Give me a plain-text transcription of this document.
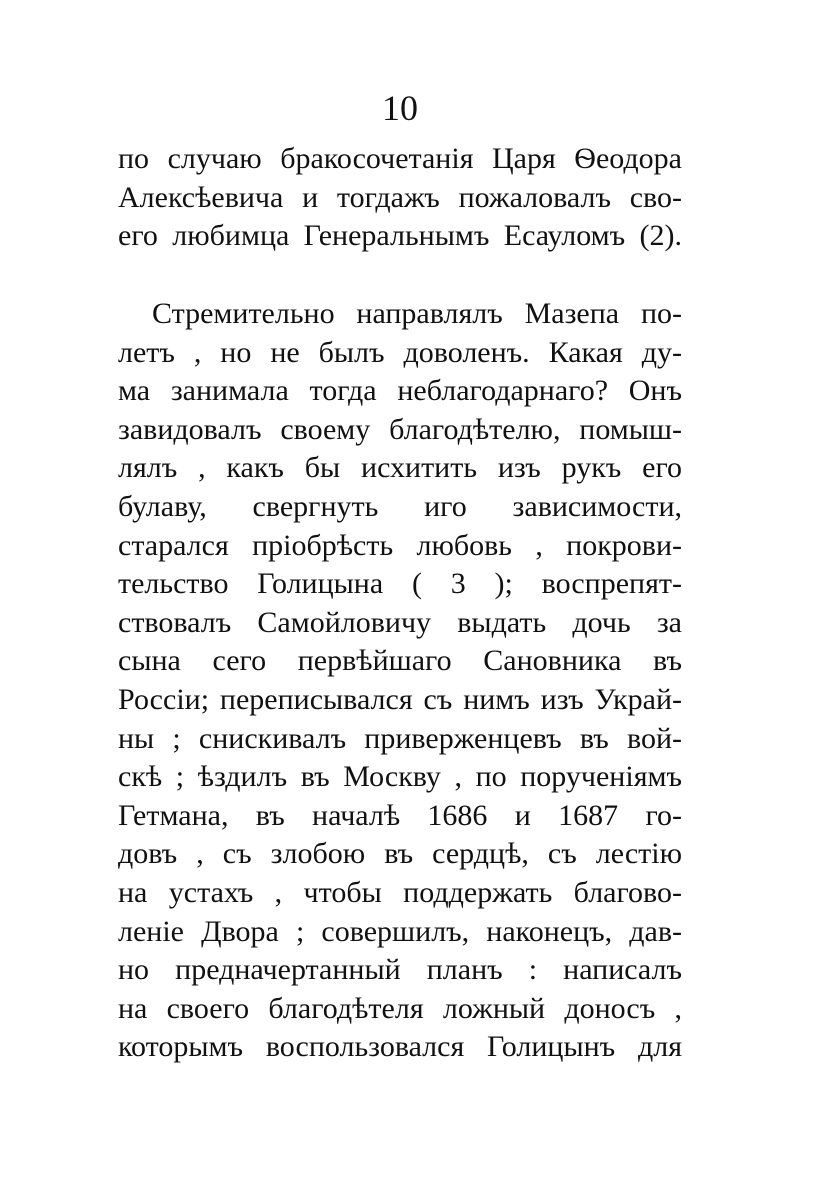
10
по случаю бракосочетанія Царя Ѳеодора
Алексѣевича и тогдажъ пожаловалъ сво-
его любимца Генеральнымъ Есауломъ (2).
Стремительно направлялъ Мазепа по-
летъ , но не былъ доволенъ. Какая ду-
ма занимала тогда неблагодарнаго? Онъ
завидовалъ своему благодѣтелю, помыш-
лялъ , какъ бы исхитить изъ рукъ его
булаву, свергнуть иго зависимости,
старался пріобрѣсть любовь , покрови-
тельство Голицына ( 3 ); воспрепят-
ствовалъ Самойловичу выдать дочь за
сына сего первѣйшаго Сановника въ
Россіи; переписывался съ нимъ изъ Украй-
ны ; снискивалъ приверженцевъ въ вой-
скѣ ; ѣздилъ въ Москву , по порученіямъ
Гетмана, въ началѣ 1686 и 1687 го-
довъ , съ злобою въ сердцѣ, съ лестію
на устахъ , чтобы поддержать благово-
леніе Двора ; совершилъ, наконецъ, дав-
но предначертанный планъ : написалъ
на своего благодѣтеля ложный доносъ ,
которымъ воспользовался Голицынъ для
